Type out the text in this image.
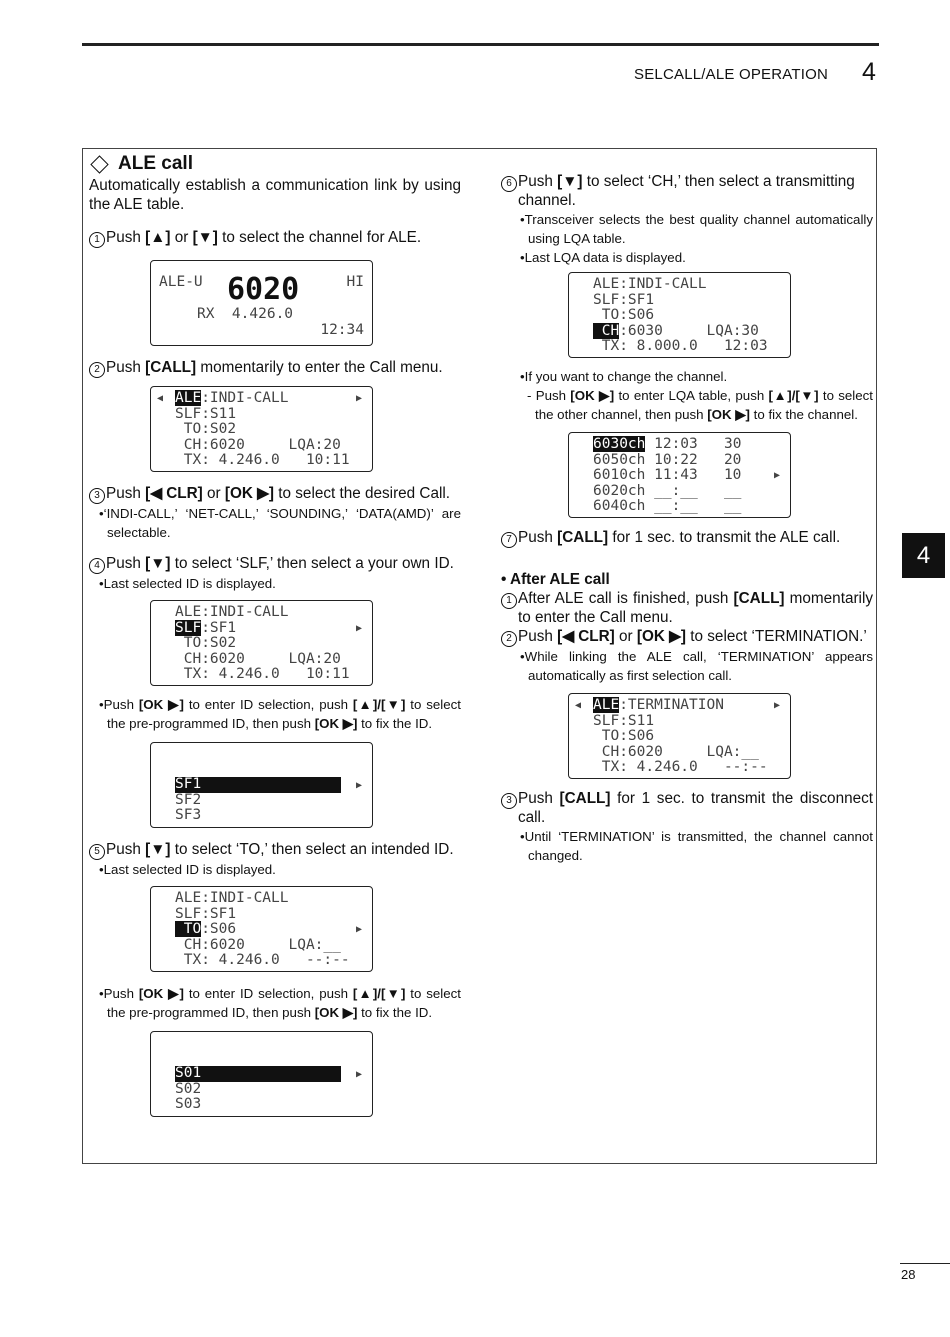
SELCALL/ALE OPERATION 4
ALE call

Automatically establish a communication link by using the ALE table.

1 Push [▲] or [▼] to select the channel for ALE.
ALE-U 6020	HI
RX  4.426.0
12:34
2 Push [CALL] momentarily to enter the Call menu.
◀	▶
ALE:INDI-CALL
SLF:S11
TO:S02
CH:6020     LQA:20
TX: 4.246.0   10:11
3 Push [◀ CLR] or [OK ▶] to select the desired Call.

•‘INDI-CALL,’ ‘NET-CALL,’ ‘SOUNDING,’ ‘DATA(AMD)’ are selectable.

4 Push [▼] to select ‘SLF,’ then select a your own ID.

•Last selected ID is displayed.

▶
ALE:INDI-CALL
SLF:SF1
TO:S02
CH:6020     LQA:20
TX: 4.246.0   10:11

•Push [OK ▶] to enter ID selection, push [▲]/[▼] to select the pre-programmed ID, then push [OK ▶] to fix the ID.

SF1
SF2
SF3
▶
5 Push [▼] to select ‘TO,’ then select an intended ID.

•Last selected ID is displayed.

▶
ALE:INDI-CALL
SLF:SF1
TO:S06
CH:6020     LQA:__
TX: 4.246.0   --:--

•Push [OK ▶] to enter ID selection, push [▲]/[▼] to select the pre-programmed ID, then push [OK ▶] to fix the ID.

S01
S02
S03
▶
6 Push [▼] to select ‘CH,’ then select a transmitting channel.

•Transceiver selects the best quality channel automatically using LQA table.

•Last LQA data is displayed.

ALE:INDI-CALL
SLF:SF1
TO:S06
CH:6030     LQA:30
TX: 8.000.0   12:03

•If you want to change the channel.

- Push [OK ▶] to enter LQA table, push [▲]/[▼] to select the other channel, then push [OK ▶] to fix the channel.

▶
6030ch 12:03   30
6050ch 10:22   20
6010ch 11:43   10
6020ch __:__   __
6040ch __:__   __
7 Push [CALL] for 1 sec. to transmit the ALE call.

• After ALE call

1 After ALE call is finished, push [CALL] momentarily to enter the Call menu.
2 Push [◀ CLR] or [OK ▶] to select ‘TERMINATION.’

•While linking the ALE call, ‘TERMINATION’ appears automatically as first selection call.

◀	▶
ALE:TERMINATION
SLF:S11
TO:S06
CH:6020     LQA:__
TX: 4.246.0   --:--
3 Push [CALL] for 1 sec. to transmit the disconnect call.

•Until ‘TERMINATION’ is transmitted, the channel cannot changed.

4
28
